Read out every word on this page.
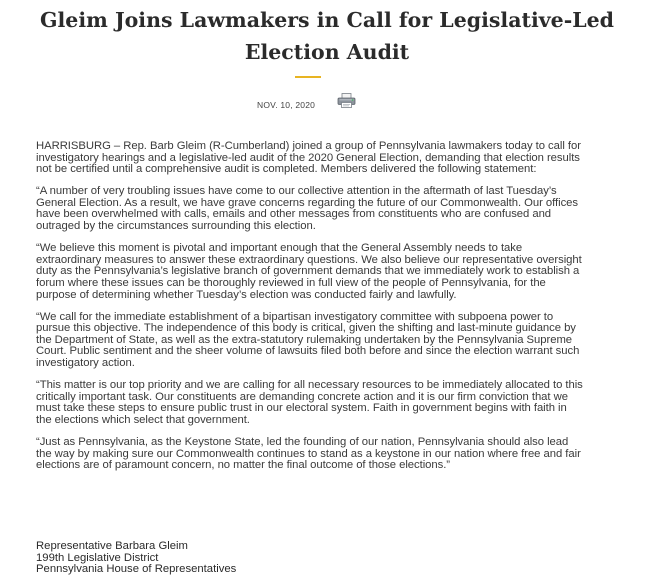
Gleim Joins Lawmakers in Call for Legislative-Led Election Audit
NOV. 10, 2020

HARRISBURG – Rep. Barb Gleim (R-Cumberland) joined a group of Pennsylvania lawmakers today to call for investigatory hearings and a legislative-led audit of the 2020 General Election, demanding that election results not be certified until a comprehensive audit is completed. Members delivered the following statement:

“A number of very troubling issues have come to our collective attention in the aftermath of last Tuesday’s General Election. As a result, we have grave concerns regarding the future of our Commonwealth. Our offices have been overwhelmed with calls, emails and other messages from constituents who are confused and outraged by the circumstances surrounding this election.

“We believe this moment is pivotal and important enough that the General Assembly needs to take extraordinary measures to answer these extraordinary questions. We also believe our representative oversight duty as the Pennsylvania’s legislative branch of government demands that we immediately work to establish a forum where these issues can be thoroughly reviewed in full view of the people of Pennsylvania, for the purpose of determining whether Tuesday’s election was conducted fairly and lawfully.

“We call for the immediate establishment of a bipartisan investigatory committee with subpoena power to pursue this objective. The independence of this body is critical, given the shifting and last-minute guidance by the Department of State, as well as the extra-statutory rulemaking undertaken by the Pennsylvania Supreme Court. Public sentiment and the sheer volume of lawsuits filed both before and since the election warrant such investigatory action.

“This matter is our top priority and we are calling for all necessary resources to be immediately allocated to this critically important task. Our constituents are demanding concrete action and it is our firm conviction that we must take these steps to ensure public trust in our electoral system. Faith in government begins with faith in the elections which select that government.

“Just as Pennsylvania, as the Keystone State, led the founding of our nation, Pennsylvania should also lead the way by making sure our Commonwealth continues to stand as a keystone in our nation where free and fair elections are of paramount concern, no matter the final outcome of those elections.”

Representative Barbara Gleim
199th Legislative District
Pennsylvania House of Representatives
